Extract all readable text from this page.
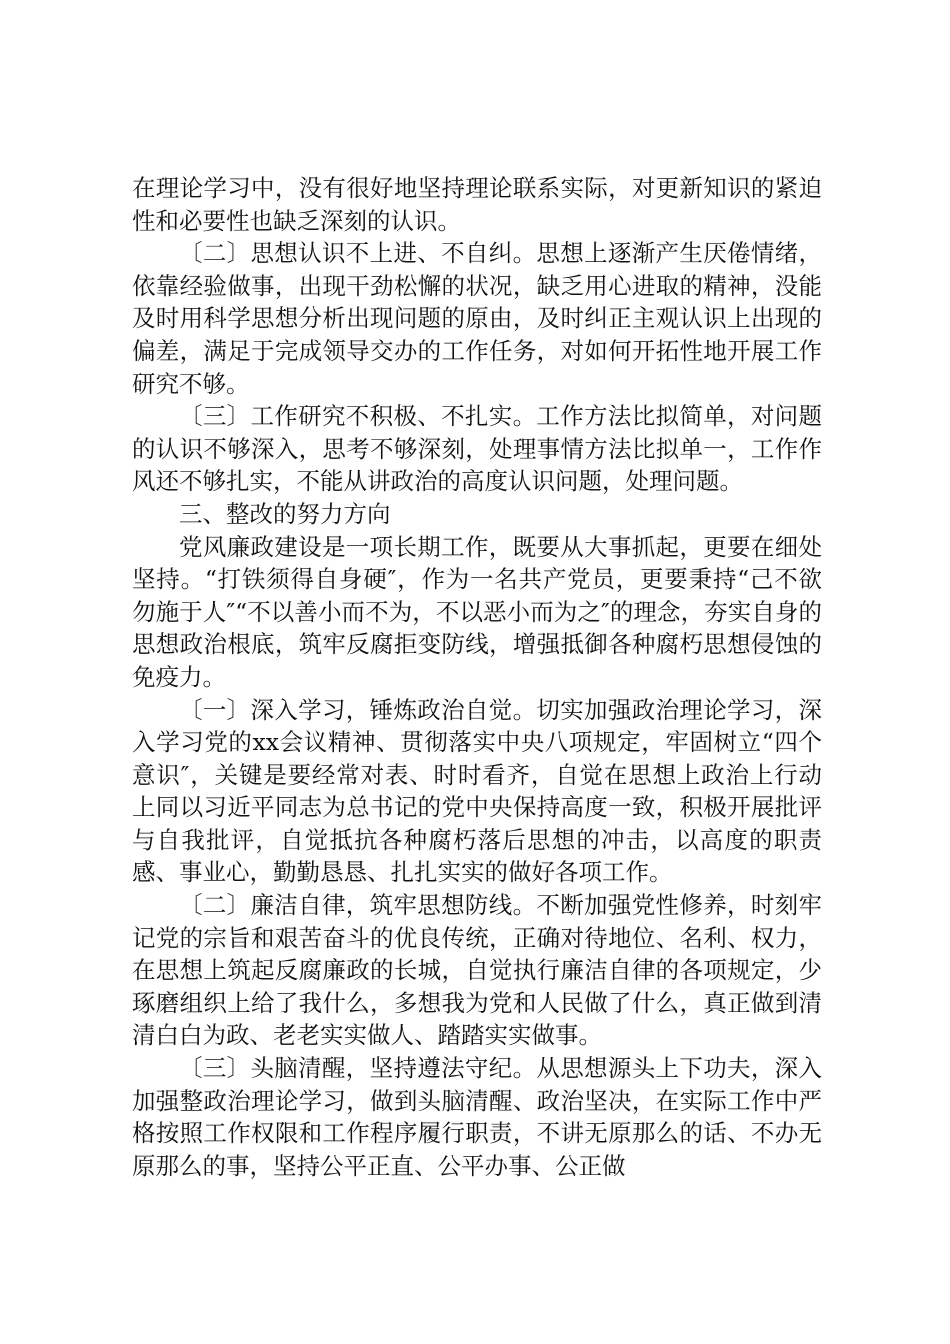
在理论学习中，没有很好地坚持理论联系实际，对更新知识的紧迫性和必要性也缺乏深刻的认识。

〔二〕思想认识不上进、不自纠。思想上逐渐产生厌倦情绪，依靠经验做事，出现干劲松懈的状况，缺乏用心进取的精神，没能及时用科学思想分析出现问题的原由，及时纠正主观认识上出现的偏差，满足于完成领导交办的工作任务，对如何开拓性地开展工作研究不够。

〔三〕工作研究不积极、不扎实。工作方法比拟简单，对问题的认识不够深入，思考不够深刻，处理事情方法比拟单一，工作作风还不够扎实，不能从讲政治的高度认识问题，处理问题。

三、整改的努力方向

党风廉政建设是一项长期工作，既要从大事抓起，更要在细处坚持。“打铁须得自身硬″，作为一名共产党员，更要秉持“己不欲勿施于人″“不以善小而不为，不以恶小而为之″的理念，夯实自身的思想政治根底，筑牢反腐拒变防线，增强抵御各种腐朽思想侵蚀的免疫力。

〔一〕深入学习，锤炼政治自觉。切实加强政治理论学习，深入学习党的xx会议精神、贯彻落实中央八项规定，牢固树立“四个意识″，关键是要经常对表、时时看齐，自觉在思想上政治上行动上同以习近平同志为总书记的党中央保持高度一致，积极开展批评与自我批评，自觉抵抗各种腐朽落后思想的冲击，以高度的职责感、事业心，勤勤恳恳、扎扎实实的做好各项工作。

〔二〕廉洁自律，筑牢思想防线。不断加强党性修养，时刻牢记党的宗旨和艰苦奋斗的优良传统，正确对待地位、名利、权力，在思想上筑起反腐廉政的长城，自觉执行廉洁自律的各项规定，少琢磨组织上给了我什么，多想我为党和人民做了什么，真正做到清清白白为政、老老实实做人、踏踏实实做事。

〔三〕头脑清醒，坚持遵法守纪。从思想源头上下功夫，深入加强整政治理论学习，做到头脑清醒、政治坚决，在实际工作中严格按照工作权限和工作程序履行职责，不讲无原那么的话、不办无原那么的事，坚持公平正直、公平办事、公正做
